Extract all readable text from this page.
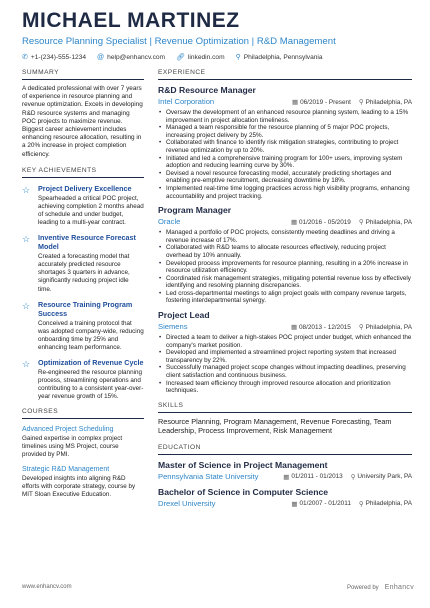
MICHAEL MARTINEZ
Resource Planning Specialist | Revenue Optimization | R&D Management
✆ +1-(234)-555-1234 @ help@enhancv.com 🔗︎ linkedin.com ⚲ Philadelphia, Pennsylvania
SUMMARY
A dedicated professional with over 7 years of experience in resource planning and revenue optimization. Excels in developing R&D resource systems and managing POC projects to maximize revenue. Biggest career achievement includes enhancing resource allocation, resulting in a 20% increase in project completion efficiency.
KEY ACHIEVEMENTS
☆	Project Delivery Excellence
Spearheaded a critical POC project, achieving completion 2 months ahead of schedule and under budget, leading to a multi-year contract.
☆	Inventive Resource Forecast Model
Created a forecasting model that accurately predicted resource shortages 3 quarters in advance, significantly reducing project idle time.
☆	Resource Training Program Success
Conceived a training protocol that was adopted company-wide, reducing onboarding time by 25% and enhancing team performance.
☆	Optimization of Revenue Cycle
Re-engineered the resource planning process, streamlining operations and contributing to a consistent year-over-year revenue growth of 15%.
COURSES
Advanced Project Scheduling
Gained expertise in complex project timelines using MS Project, course provided by PMI.
Strategic R&D Management
Developed insights into aligning R&D efforts with corporate strategy, course by MIT Sloan Executive Education.
EXPERIENCE
R&D Resource Manager
Intel Corporation	▦ 06/2019 - Present ⚲ Philadelphia, PA
• Oversaw the development of an enhanced resource planning system, leading to a 15% improvement in project allocation timeliness.
• Managed a team responsible for the resource planning of 5 major POC projects, increasing project delivery by 25%.
• Collaborated with finance to identify risk mitigation strategies, contributing to project revenue optimization by up to 20%.
• Initiated and led a comprehensive training program for 100+ users, improving system adoption and reducing learning curve by 30%.
• Devised a novel resource forecasting model, accurately predicting shortages and enabling pre-emptive recruitment, decreasing downtime by 18%.
• Implemented real-time time logging practices across high visibility programs, enhancing accountability and project tracking.
Program Manager
Oracle	▦ 01/2016 - 05/2019 ⚲ Philadelphia, PA
• Managed a portfolio of POC projects, consistently meeting deadlines and driving a revenue increase of 17%.
• Collaborated with R&D teams to allocate resources effectively, reducing project overhead by 10% annually.
• Developed process improvements for resource planning, resulting in a 20% increase in resource utilization efficiency.
• Coordinated risk management strategies, mitigating potential revenue loss by effectively identifying and resolving planning discrepancies.
• Led cross-departmental meetings to align project goals with company revenue targets, fostering interdepartmental synergy.
Project Lead
Siemens	▦ 08/2013 - 12/2015 ⚲ Philadelphia, PA
• Directed a team to deliver a high-stakes POC project under budget, which enhanced the company's market position.
• Developed and implemented a streamlined project reporting system that increased transparency by 22%.
• Successfully managed project scope changes without impacting deadlines, preserving client satisfaction and continuous business.
• Increased team efficiency through improved resource allocation and prioritization techniques.
SKILLS
Resource Planning, Program Management, Revenue Forecasting, Team Leadership, Process Improvement, Risk Management
EDUCATION
Master of Science in Project Management
Pennsylvania State University	▦ 01/2011 - 01/2013 ⚲ University Park, PA
Bachelor of Science in Computer Science
Drexel University	▦ 01/2007 - 01/2011 ⚲ Philadelphia, PA
www.enhancv.com	Powered by Enhancv
